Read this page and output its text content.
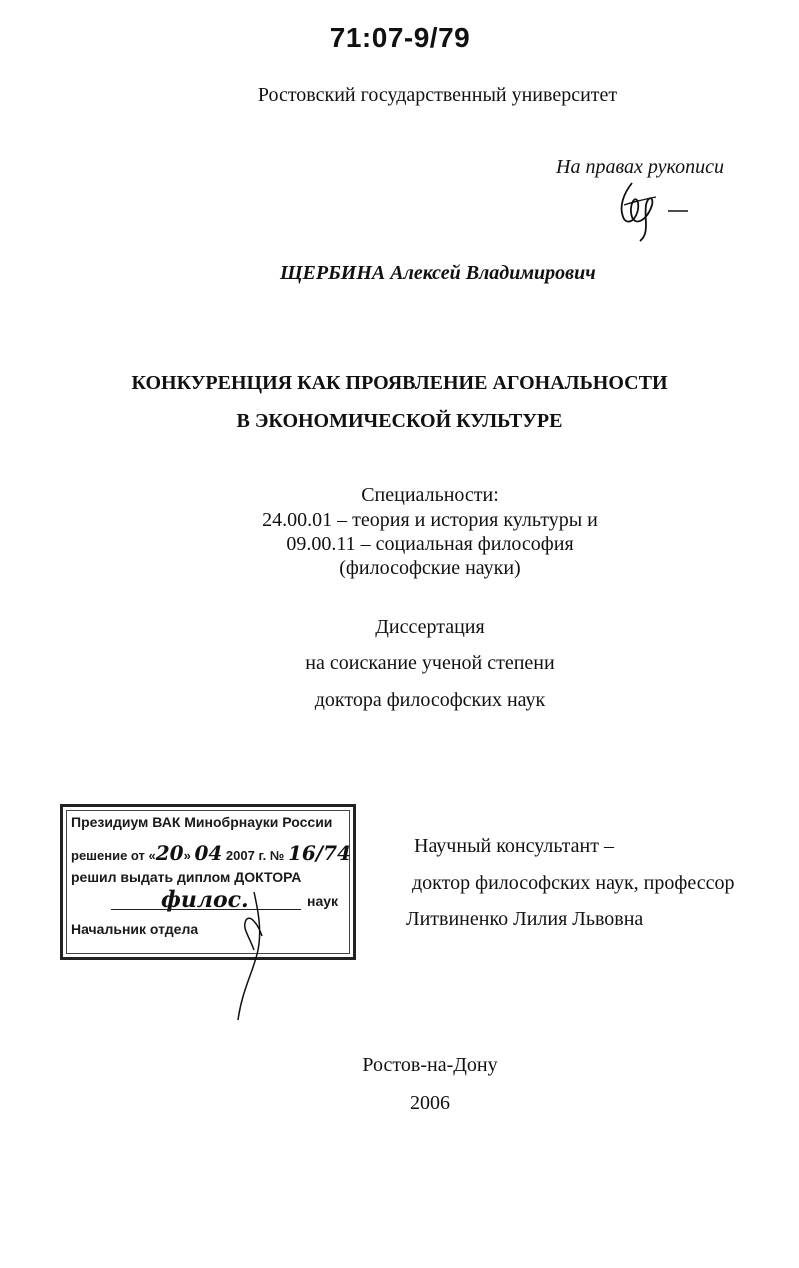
71:07-9/79
Ростовский государственный университет
На правах рукописи
ЩЕРБИНА Алексей Владимирович
КОНКУРЕНЦИЯ КАК ПРОЯВЛЕНИЕ АГОНАЛЬНОСТИ
В ЭКОНОМИЧЕСКОЙ КУЛЬТУРЕ
Специальности:
24.00.01 – теория и история культуры и
09.00.11 – социальная философия
(философские науки)
Диссертация
на соискание ученой степени
доктора философских наук
Научный консультант –
доктор философских наук, профессор
Литвиненко Лилия Львовна
Президиум ВАК Минобрнауки России
решение от «20» 04 2007 г. № 16/74
решил выдать диплом ДОКТОРА
филос.	наук
Начальник отдела
Ростов-на-Дону
2006
